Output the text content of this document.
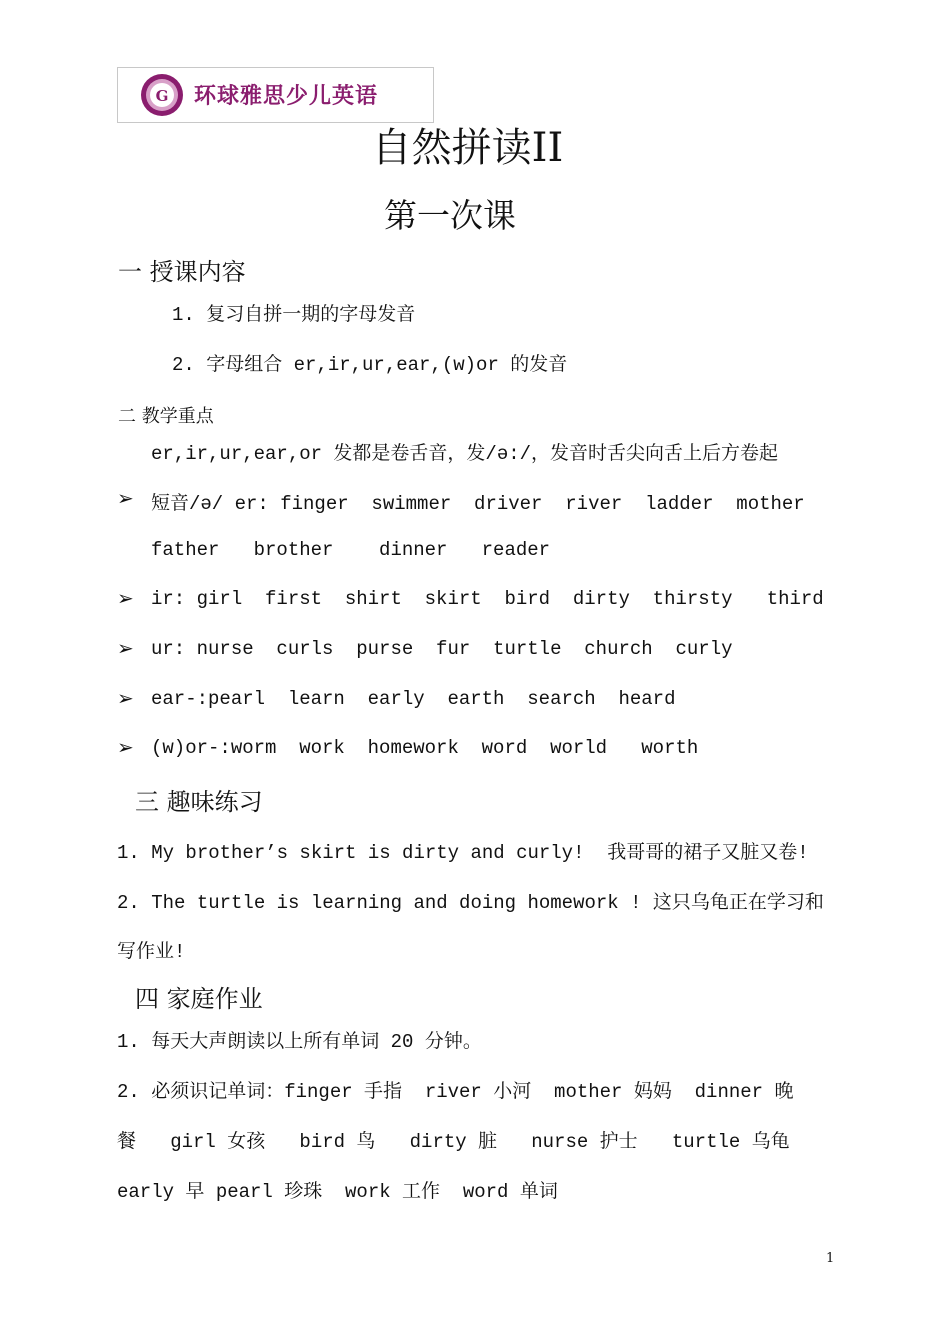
G

环球雅思少儿英语

自然拼读II
第一次课
一 授课内容
1. 复习自拼一期的字母发音
2. 字母组合 er,ir,ur,ear,(w)or 的发音
二 教学重点
er,ir,ur,ear,or 发都是卷舌音，发/ə:/，发音时舌尖向舌上后方卷起
➢ 短音/ə/ er: finger  swimmer  driver  river  ladder  mother
father   brother    dinner   reader
➢ ir: girl  first  shirt  skirt  bird  dirty  thirsty   third
➢ ur: nurse  curls  purse  fur  turtle  church  curly
➢ ear-:pearl  learn  early  earth  search  heard
➢ (w)or-:worm  work  homework  word  world   worth
三 趣味练习
1. My brother’s skirt is dirty and curly!  我哥哥的裙子又脏又卷!
2. The turtle is learning and doing homework ! 这只乌龟正在学习和
写作业!
四 家庭作业
1. 每天大声朗读以上所有单词 20 分钟。
2. 必须识记单词：finger 手指  river 小河  mother 妈妈  dinner 晚
餐   girl 女孩   bird 鸟   dirty 脏   nurse 护士   turtle 乌龟
early 早 pearl 珍珠  work 工作  word 单词
1
